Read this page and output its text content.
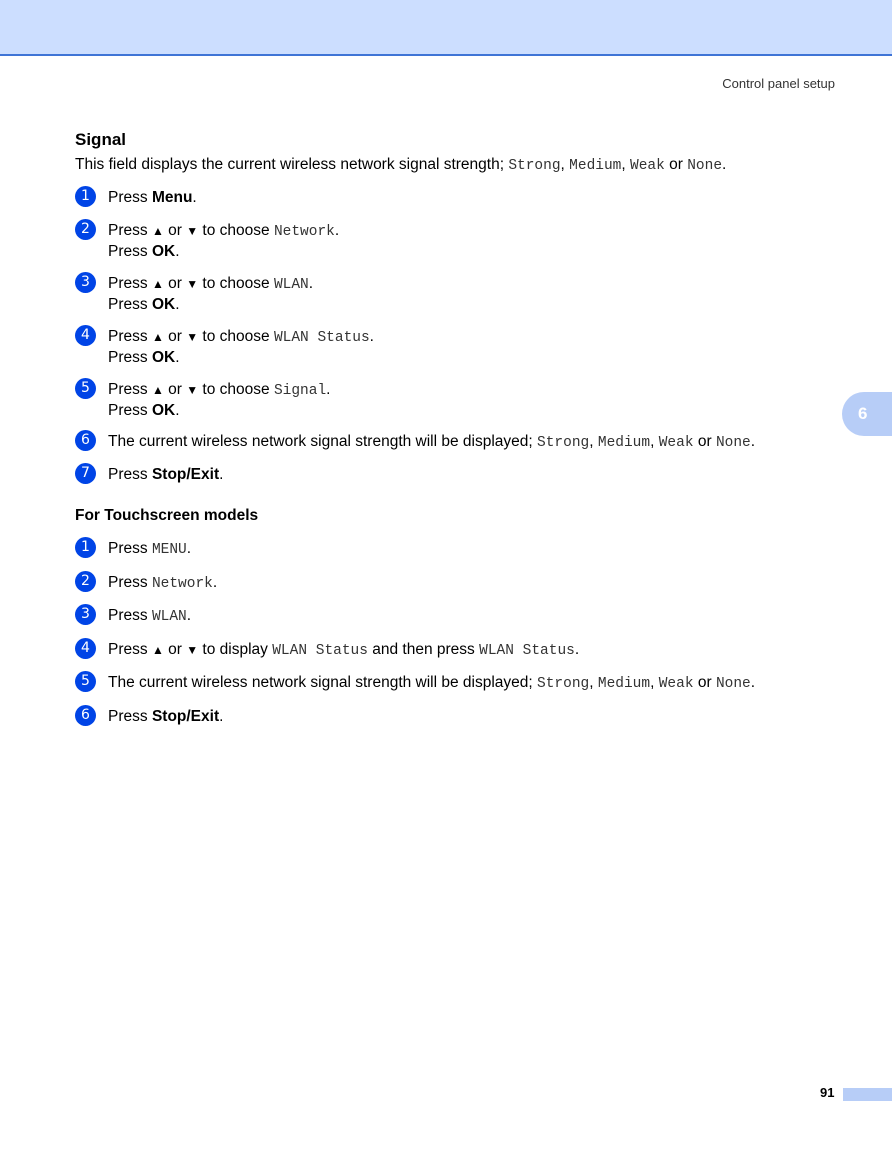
Control panel setup
6
Signal
This field displays the current wireless network signal strength; Strong, Medium, Weak or None.
1	Press Menu.
2	Press ▲ or ▼ to choose Network.
Press OK.
3	Press ▲ or ▼ to choose WLAN.
Press OK.
4	Press ▲ or ▼ to choose WLAN Status.
Press OK.
5	Press ▲ or ▼ to choose Signal.
Press OK.
6	The current wireless network signal strength will be displayed; Strong, Medium, Weak or None.
7	Press Stop/Exit.
For Touchscreen models
1	Press MENU.
2	Press Network.
3	Press WLAN.
4	Press ▲ or ▼ to display WLAN Status and then press WLAN Status.
5	The current wireless network signal strength will be displayed; Strong, Medium, Weak or None.
6	Press Stop/Exit.
91
